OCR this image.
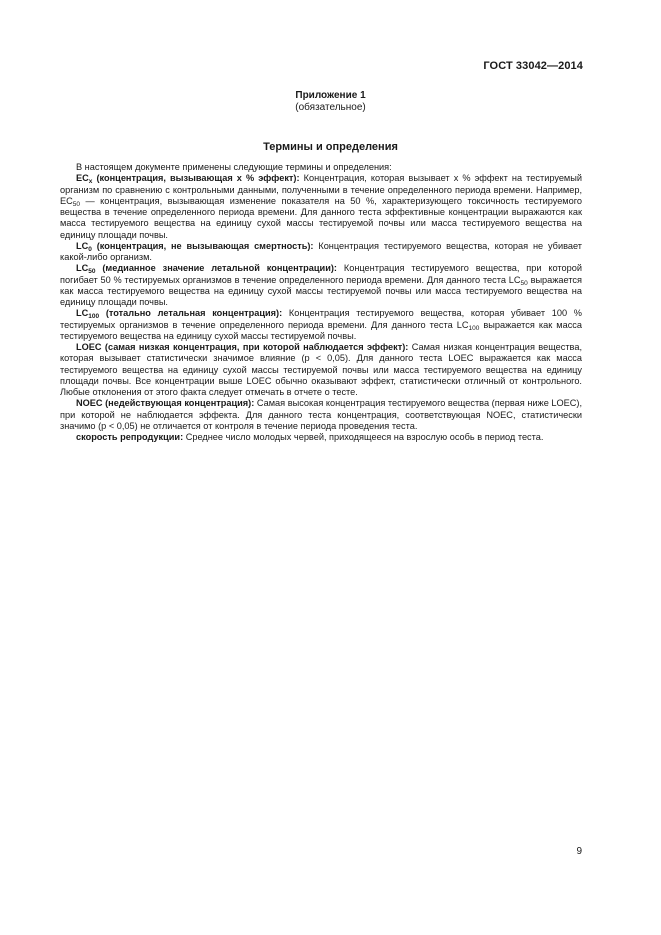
ГОСТ 33042—2014
Приложение 1
(обязательное)
Термины и определения

В настоящем документе применены следующие термины и определения:

$EC_x$ (концентрация, вызывающая x % эффект): Концентрация, которая вызывает x % эффект на тестируемый организм по сравнению с контрольными данными, полученными в течение определенного периода времени. Например, $EC_{50}$ — концентрация, вызывающая изменение показателя на 50 %, характеризующего токсичность тестируемого вещества в течение определенного периода времени. Для данного теста эффективные концентрации выражаются как масса тестируемого вещества на единицу сухой массы тестируемой почвы или масса тестируемого вещества на единицу площади почвы.

$LC_0$ (концентрация, не вызывающая смертность): Концентрация тестируемого вещества, которая не убивает какой-либо организм.

$LC_{50}$ (медианное значение летальной концентрации): Концентрация тестируемого вещества, при которой погибает 50 % тестируемых организмов в течение определенного периода времени. Для данного теста $LC_{50}$ выражается как масса тестируемого вещества на единицу сухой массы тестируемой почвы или масса тестируемого вещества на единицу площади почвы.

$LC_{100}$ (тотально летальная концентрация): Концентрация тестируемого вещества, которая убивает 100 % тестируемых организмов в течение определенного периода времени. Для данного теста $LC_{100}$ выражается как масса тестируемого вещества на единицу сухой массы тестируемой почвы.

LOEC (самая низкая концентрация, при которой наблюдается эффект): Самая низкая концентрация вещества, которая вызывает статистически значимое влияние (p < 0,05). Для данного теста LOEC выражается как масса тестируемого вещества на единицу сухой массы тестируемой почвы или масса тестируемого вещества на единицу площади почвы. Все концентрации выше LOEC обычно оказывают эффект, статистически отличный от контрольного. Любые отклонения от этого факта следует отмечать в отчете о тесте.

NOEC (недействующая концентрация): Самая высокая концентрация тестируемого вещества (первая ниже LOEC), при которой не наблюдается эффекта. Для данного теста концентрация, соответствующая NOEC, статистически значимо (p < 0,05) не отличается от контроля в течение периода проведения теста.

скорость репродукции: Среднее число молодых червей, приходящееся на взрослую особь в период теста.

9
